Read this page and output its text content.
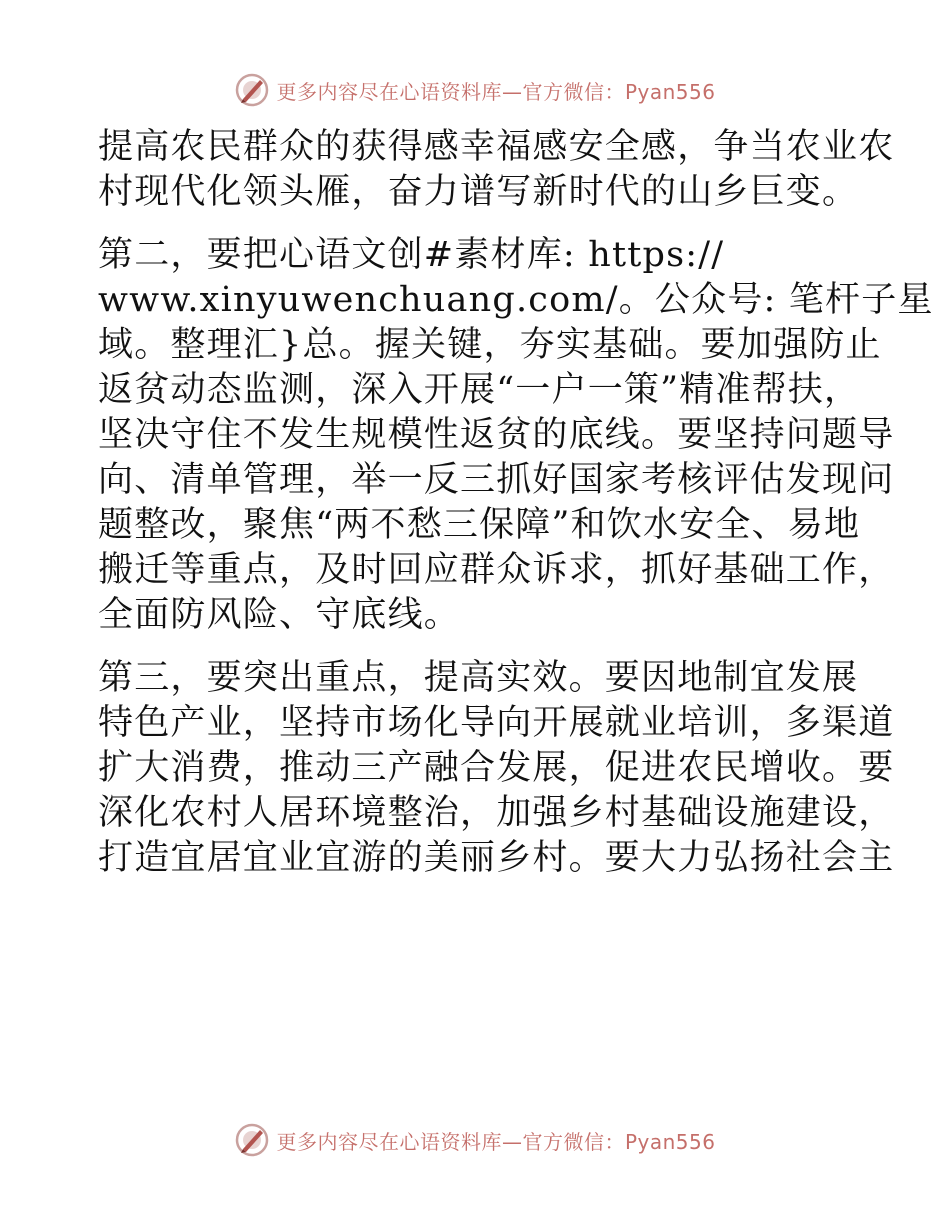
更多内容尽在心语资料库—官方微信：Pyan556

提高农民群众的获得感幸福感安全感，争当农业农
村现代化领头雁，奋力谱写新时代的山乡巨变。

第二，要把心语文创#素材库: https://
www.xinyuwenchuang.com/。公众号: 笔杆子星
域。整理汇}总。握关键，夯实基础。要加强防止
返贫动态监测，深入开展“一户一策”精准帮扶，
坚决守住不发生规模性返贫的底线。要坚持问题导
向、清单管理，举一反三抓好国家考核评估发现问
题整改，聚焦“两不愁三保障”和饮水安全、易地
搬迁等重点，及时回应群众诉求，抓好基础工作，
全面防风险、守底线。

第三，要突出重点，提高实效。要因地制宜发展
特色产业，坚持市场化导向开展就业培训，多渠道
扩大消费，推动三产融合发展，促进农民增收。要
深化农村人居环境整治，加强乡村基础设施建设，
打造宜居宜业宜游的美丽乡村。要大力弘扬社会主

更多内容尽在心语资料库—官方微信：Pyan556
